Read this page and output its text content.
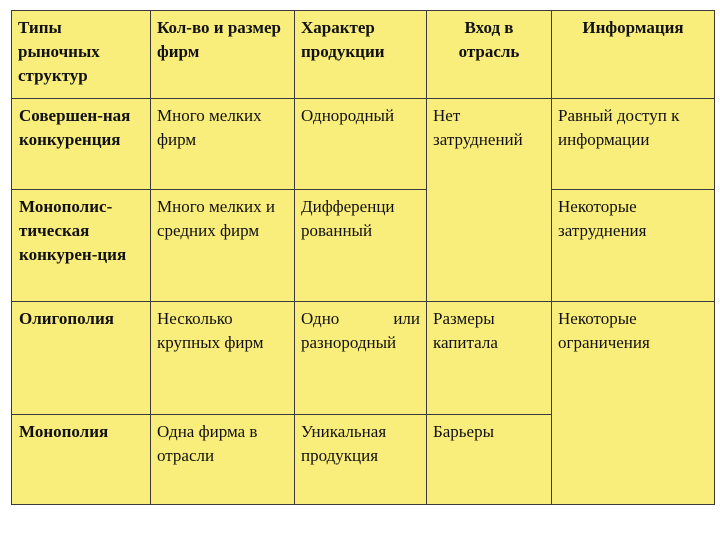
Типы рыночных структур	Кол-во и размер фирм	Характер продукции	Вход в отрасль	Информация
Совершен-ная конкуренция	Много мелких фирм	Однородный	Нет затруднений	Равный доступ к информации
Монополис-тическая конкурен-ция	Много мелких и средних фирм	Дифференци рованный		Некоторые затруднения
Олигополия	Несколько крупных фирм	Одно или разнородный	Размеры капитала	Некоторые ограничения
Монополия	Одна фирма в отрасли	Уникальная продукция	Барьеры	
